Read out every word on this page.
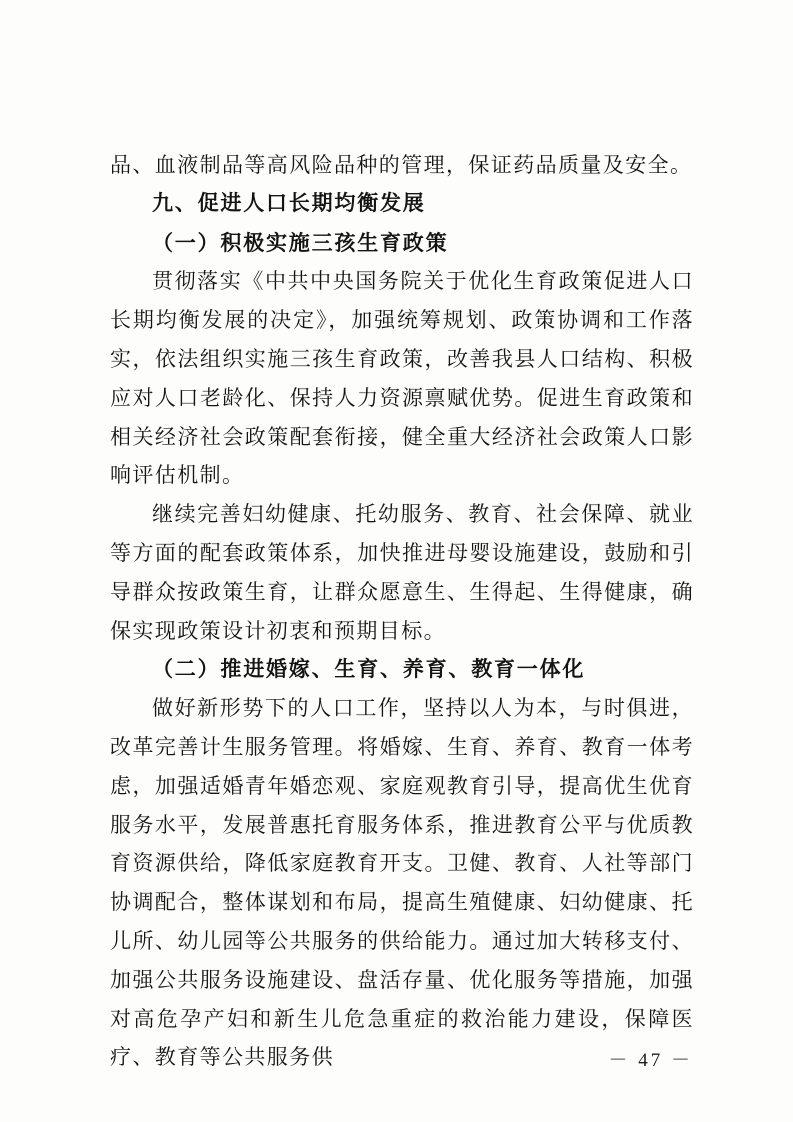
品、血液制品等高风险品种的管理，保证药品质量及安全。

九、促进人口长期均衡发展

（一）积极实施三孩生育政策

贯彻落实《中共中央国务院关于优化生育政策促进人口长期均衡发展的决定》，加强统筹规划、政策协调和工作落实，依法组织实施三孩生育政策，改善我县人口结构、积极应对人口老龄化、保持人力资源禀赋优势。促进生育政策和相关经济社会政策配套衔接，健全重大经济社会政策人口影响评估机制。

继续完善妇幼健康、托幼服务、教育、社会保障、就业等方面的配套政策体系，加快推进母婴设施建设，鼓励和引导群众按政策生育，让群众愿意生、生得起、生得健康，确保实现政策设计初衷和预期目标。

（二）推进婚嫁、生育、养育、教育一体化

做好新形势下的人口工作，坚持以人为本，与时俱进，改革完善计生服务管理。将婚嫁、生育、养育、教育一体考虑，加强适婚青年婚恋观、家庭观教育引导，提高优生优育服务水平，发展普惠托育服务体系，推进教育公平与优质教育资源供给，降低家庭教育开支。卫健、教育、人社等部门协调配合，整体谋划和布局，提高生殖健康、妇幼健康、托儿所、幼儿园等公共服务的供给能力。通过加大转移支付、加强公共服务设施建设、盘活存量、优化服务等措施，加强对高危孕产妇和新生儿危急重症的救治能力建设，保障医疗、教育等公共服务供	－ 47 －
